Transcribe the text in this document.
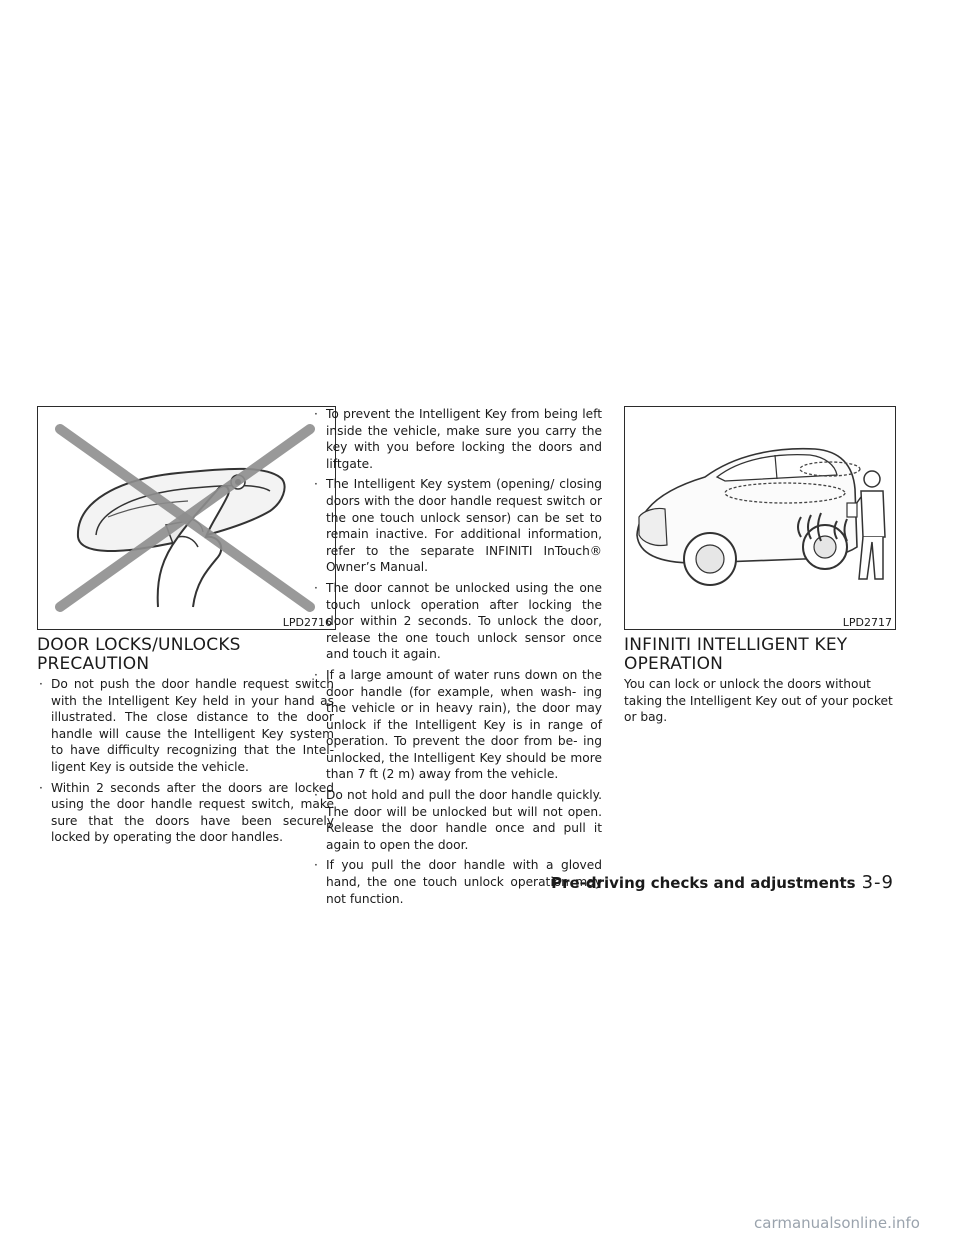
LPD2716
DOOR LOCKS/UNLOCKS
PRECAUTION
· Do not push the door handle request switch with the Intelligent Key held in your hand as illustrated. The close distance to the door handle will cause the Intelligent Key system to have difficulty recognizing that the Intel- ligent Key is outside the vehicle.
· Within 2 seconds after the doors are locked using the door handle request switch, make sure that the doors have been securely locked by operating the door handles.
· To prevent the Intelligent Key from being left inside the vehicle, make sure you carry the key with you before locking the doors and liftgate.
· The Intelligent Key system (opening/ closing doors with the door handle request switch or the one touch unlock sensor) can be set to remain inactive. For additional information, refer to the separate INFINITI InTouch® Owner’s Manual.
· The door cannot be unlocked using the one touch unlock operation after locking the door within 2 seconds. To unlock the door, release the one touch unlock sensor once and touch it again.
· If a large amount of water runs down on the door handle (for example, when wash- ing the vehicle or in heavy rain), the door may unlock if the Intelligent Key is in range of operation. To prevent the door from be- ing unlocked, the Intelligent Key should be more than 7 ft (2 m) away from the vehicle.
· Do not hold and pull the door handle quickly. The door will be unlocked but will not open. Release the door handle once and pull it again to open the door.
· If you pull the door handle with a gloved hand, the one touch unlock operation may not function.
LPD2717
INFINITI INTELLIGENT KEY
OPERATION

You can lock or unlock the doors without taking the Intelligent Key out of your pocket or bag.

Pre-driving checks and adjustments 3-9
carmanualsonline.info
